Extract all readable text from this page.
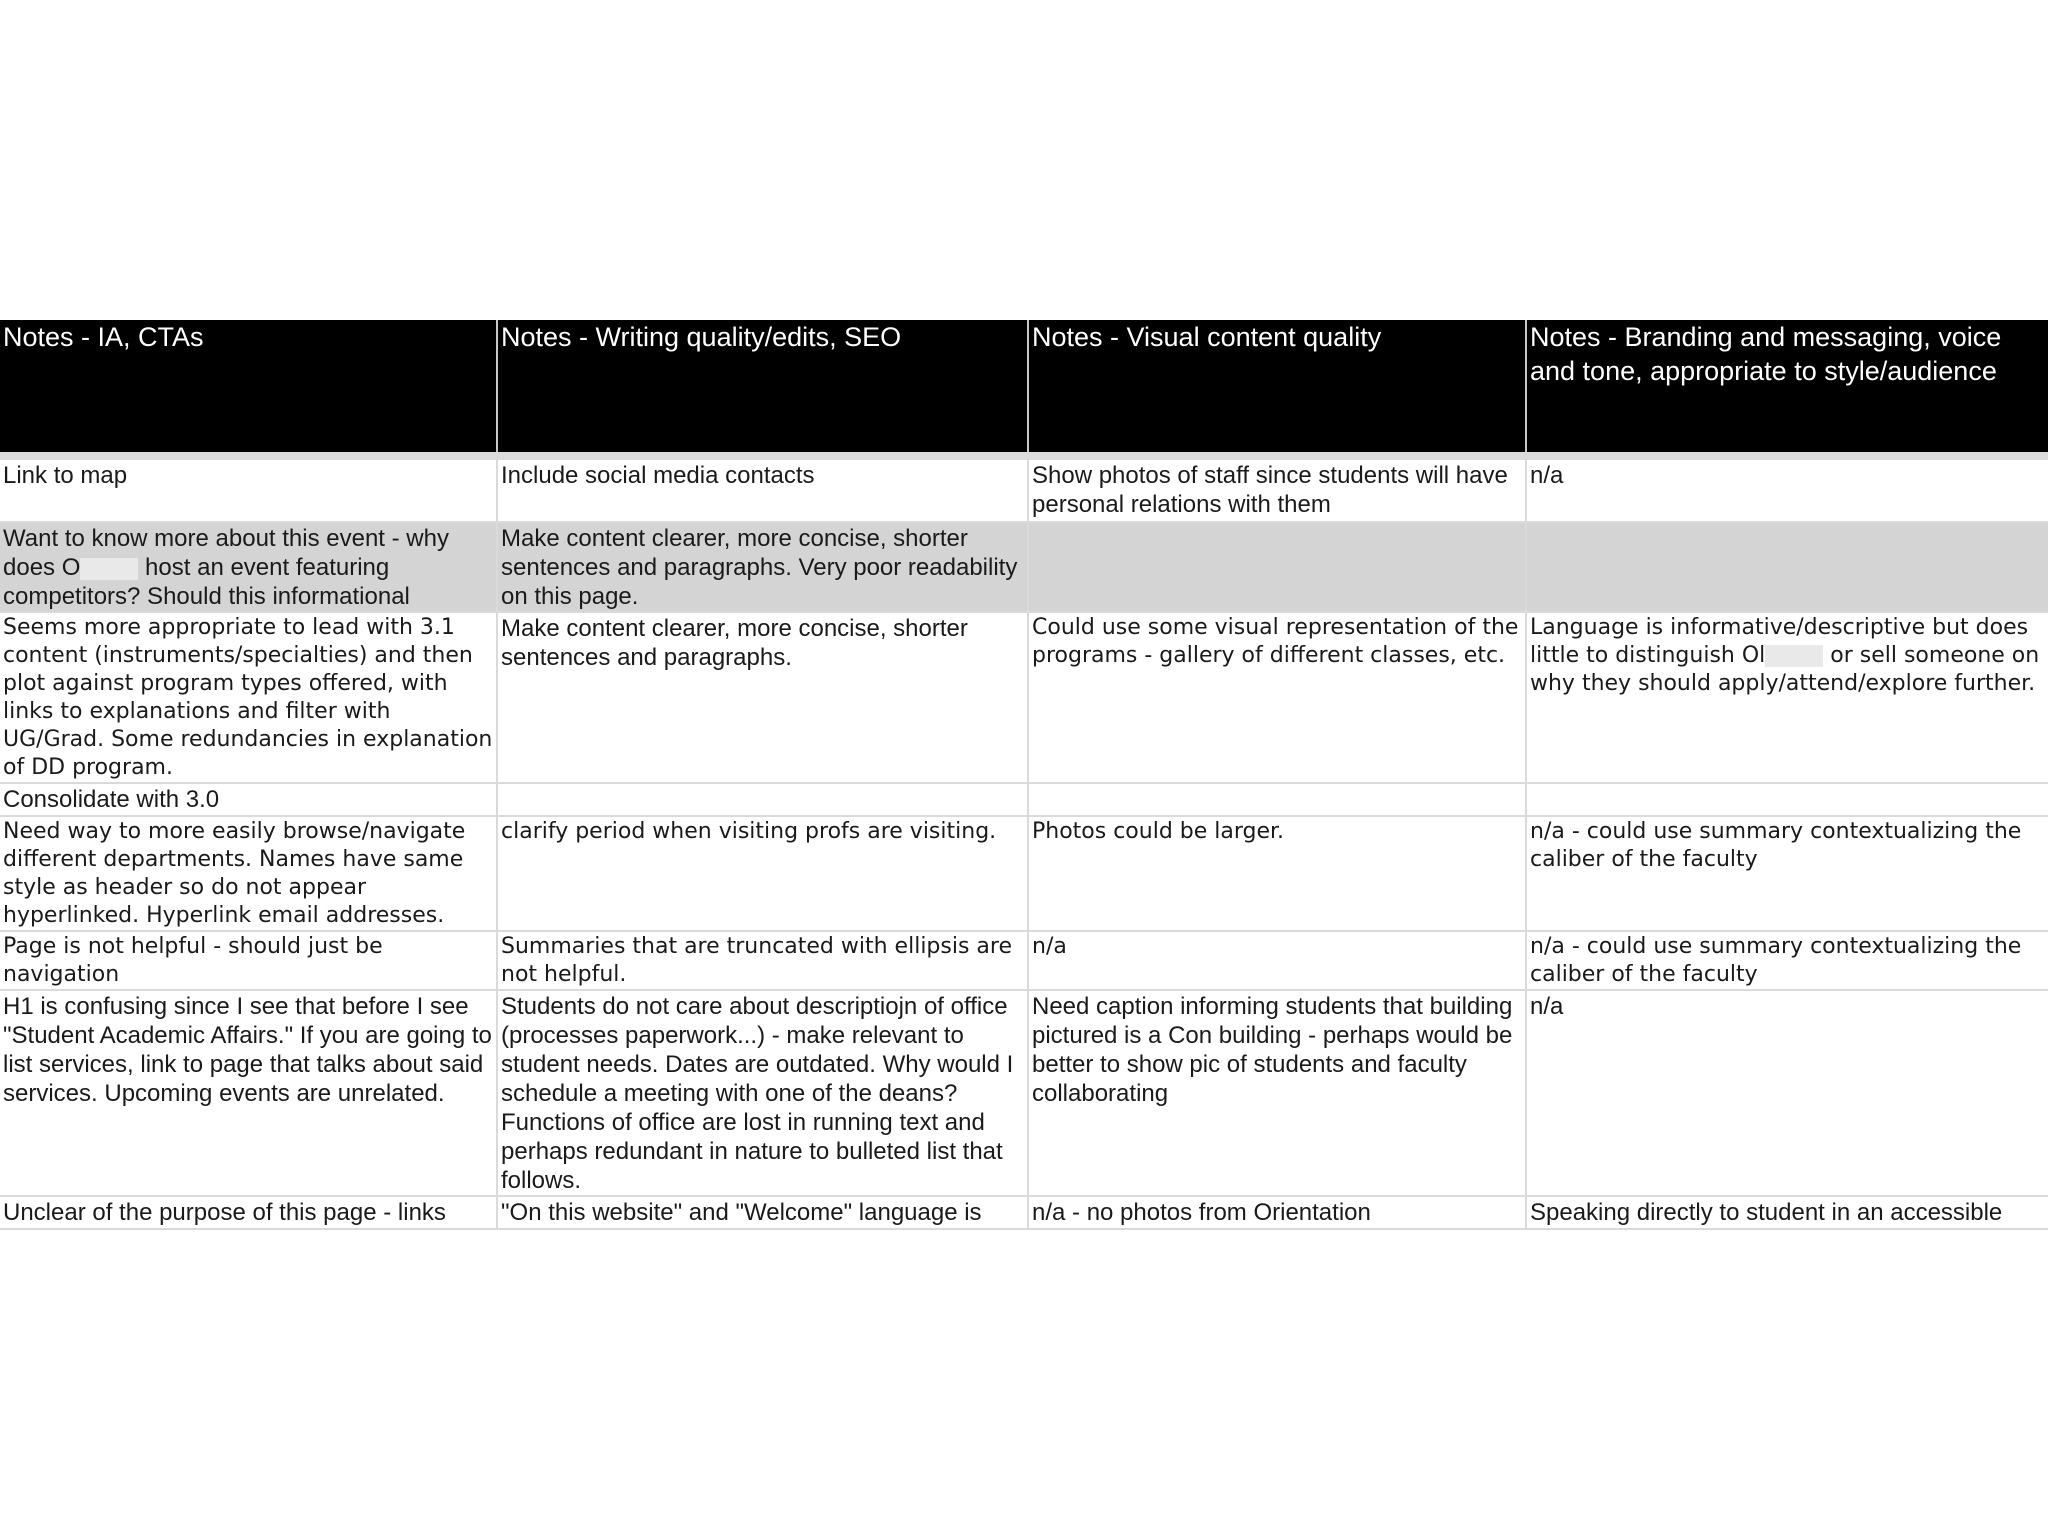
Notes - IA, CTAs	Notes - Writing quality/edits, SEO	Notes - Visual content quality	Notes - Branding and messaging, voice and tone, appropriate to style/audience

Link to map	Include social media contacts	Show photos of staff since students will have personal relations with them	n/a
Want to know more about this event - why does O host an event featuring competitors? Should this informational	Make content clearer, more concise, shorter sentences and paragraphs. Very poor readability on this page.		
Seems more appropriate to lead with 3.1 content (instruments/specialties) and then plot against program types offered, with links to explanations and filter with UG/Grad. Some redundancies in explanation of DD program.	Make content clearer, more concise, shorter sentences and paragraphs.	Could use some visual representation of the programs - gallery of different classes, etc.	Language is informative/descriptive but does little to distinguish Ol or sell someone on why they should apply/attend/explore further.
Consolidate with 3.0			
Need way to more easily browse/navigate different departments. Names have same style as header so do not appear hyperlinked. Hyperlink email addresses.	clarify period when visiting profs are visiting.	Photos could be larger.	n/a - could use summary contextualizing the caliber of the faculty
Page is not helpful - should just be navigation	Summaries that are truncated with ellipsis are not helpful.	n/a	n/a - could use summary contextualizing the caliber of the faculty
H1 is confusing since I see that before I see "Student Academic Affairs." If you are going to list services, link to page that talks about said services. Upcoming events are unrelated.	Students do not care about descriptiojn of office (processes paperwork...) - make relevant to student needs. Dates are outdated. Why would I schedule a meeting with one of the deans? Functions of office are lost in running text and perhaps redundant in nature to bulleted list that follows.	Need caption informing students that building pictured is a Con building - perhaps would be better to show pic of students and faculty collaborating	n/a
Unclear of the purpose of this page - links	"On this website" and "Welcome" language is	n/a - no photos from Orientation	Speaking directly to student in an accessible
